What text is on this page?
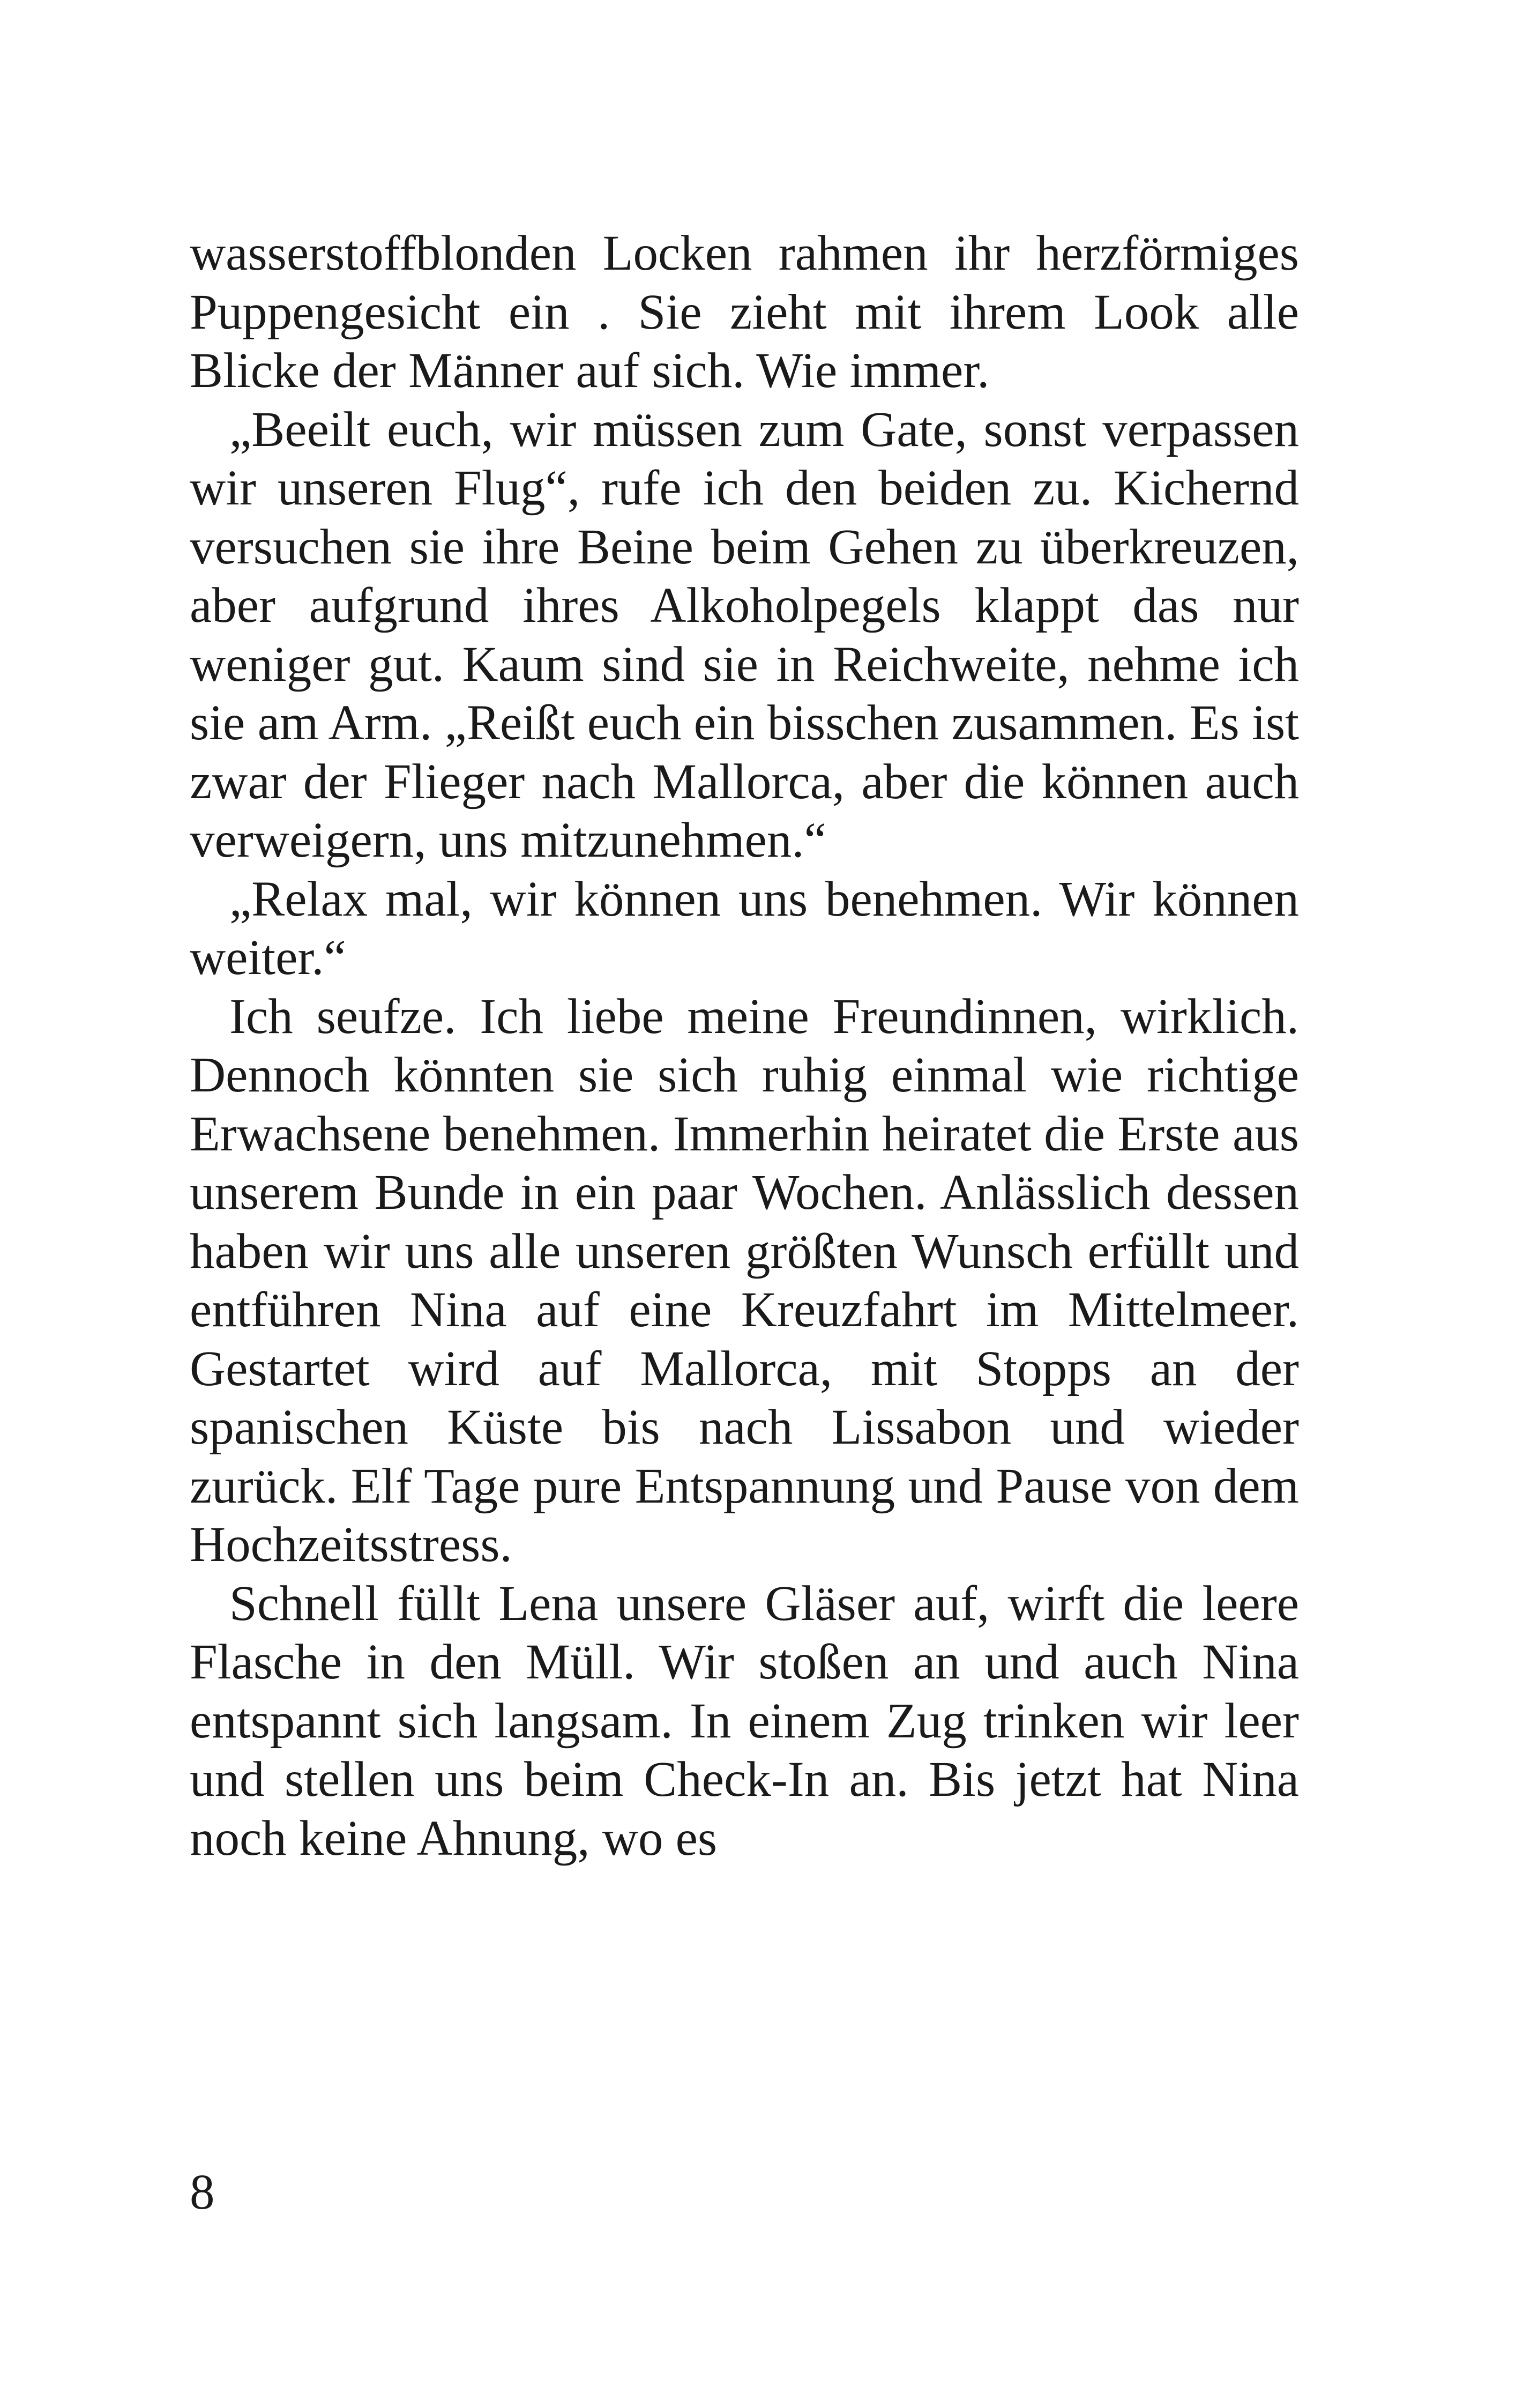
wasserstoffblonden Locken rahmen ihr herzförmiges Puppengesicht ein . Sie zieht mit ihrem Look alle Blicke der Männer auf sich. Wie immer.

„Beeilt euch, wir müssen zum Gate, sonst verpassen wir unseren Flug“, rufe ich den beiden zu. Kichernd versuchen sie ihre Beine beim Gehen zu überkreuzen, aber aufgrund ihres Alkoholpegels klappt das nur weniger gut. Kaum sind sie in Reichweite, nehme ich sie am Arm. „Reißt euch ein bisschen zusammen. Es ist zwar der Flieger nach Mallorca, aber die können auch verweigern, uns mitzunehmen.“

„Relax mal, wir können uns benehmen. Wir können weiter.“

Ich seufze. Ich liebe meine Freundinnen, wirklich. Dennoch könnten sie sich ruhig einmal wie richtige Erwachsene benehmen. Immerhin heiratet die Erste aus unserem Bunde in ein paar Wochen. Anlässlich dessen haben wir uns alle unseren größten Wunsch erfüllt und entführen Nina auf eine Kreuzfahrt im Mittelmeer. Gestartet wird auf Mallorca, mit Stopps an der spanischen Küste bis nach Lissabon und wieder zurück. Elf Tage pure Entspannung und Pause von dem Hochzeitsstress.

Schnell füllt Lena unsere Gläser auf, wirft die leere Flasche in den Müll. Wir stoßen an und auch Nina entspannt sich langsam. In einem Zug trinken wir leer und stellen uns beim Check-In an. Bis jetzt hat Nina noch keine Ahnung, wo es

8
